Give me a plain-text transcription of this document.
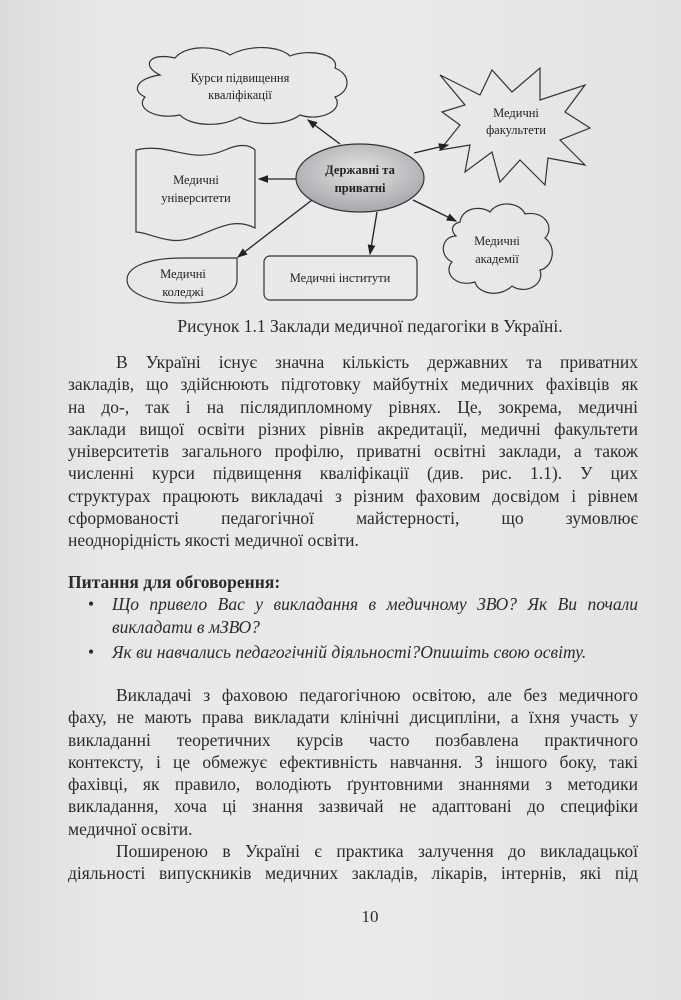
Курси підвищення
кваліфікації
Медичні
факультети
Медичні
університети
Державні та
приватні
Медичні
академії
Медичні інститути
Медичні
коледжі
Рисунок 1.1 Заклади медичної педагогіки в Україні.
В Україні існує значна кількість державних та приватних
закладів, що здійснюють підготовку майбутніх медичних фахівців як
на до-, так і на післядипломному рівнях. Це, зокрема, медичні
заклади вищої освіти різних рівнів акредитації, медичні факультети
університетів загального профілю, приватні освітні заклади, а також
численні курси підвищення кваліфікації (див. рис. 1.1). У цих
структурах працюють викладачі з різним фаховим досвідом і рівнем
сформованості педагогічної майстерності, що зумовлює
неоднорідність якості медичної освіти.
Питання для обговорення:
• Що привело Вас у викладання в медичному ЗВО? Як Ви почали
викладати в мЗВО?
• Як ви навчались педагогічній діяльності?Опишіть свою освіту.
Викладачі з фаховою педагогічною освітою, але без медичного
фаху, не мають права викладати клінічні дисципліни, а їхня участь у
викладанні теоретичних курсів часто позбавлена практичного
контексту, і це обмежує ефективність навчання. З іншого боку, такі
фахівці, як правило, володіють ґрунтовними знаннями з методики
викладання, хоча ці знання зазвичай не адаптовані до специфіки
медичної освіти.
Поширеною в Україні є практика залучення до викладацької
діяльності випускників медичних закладів, лікарів, інтернів, які під
10
